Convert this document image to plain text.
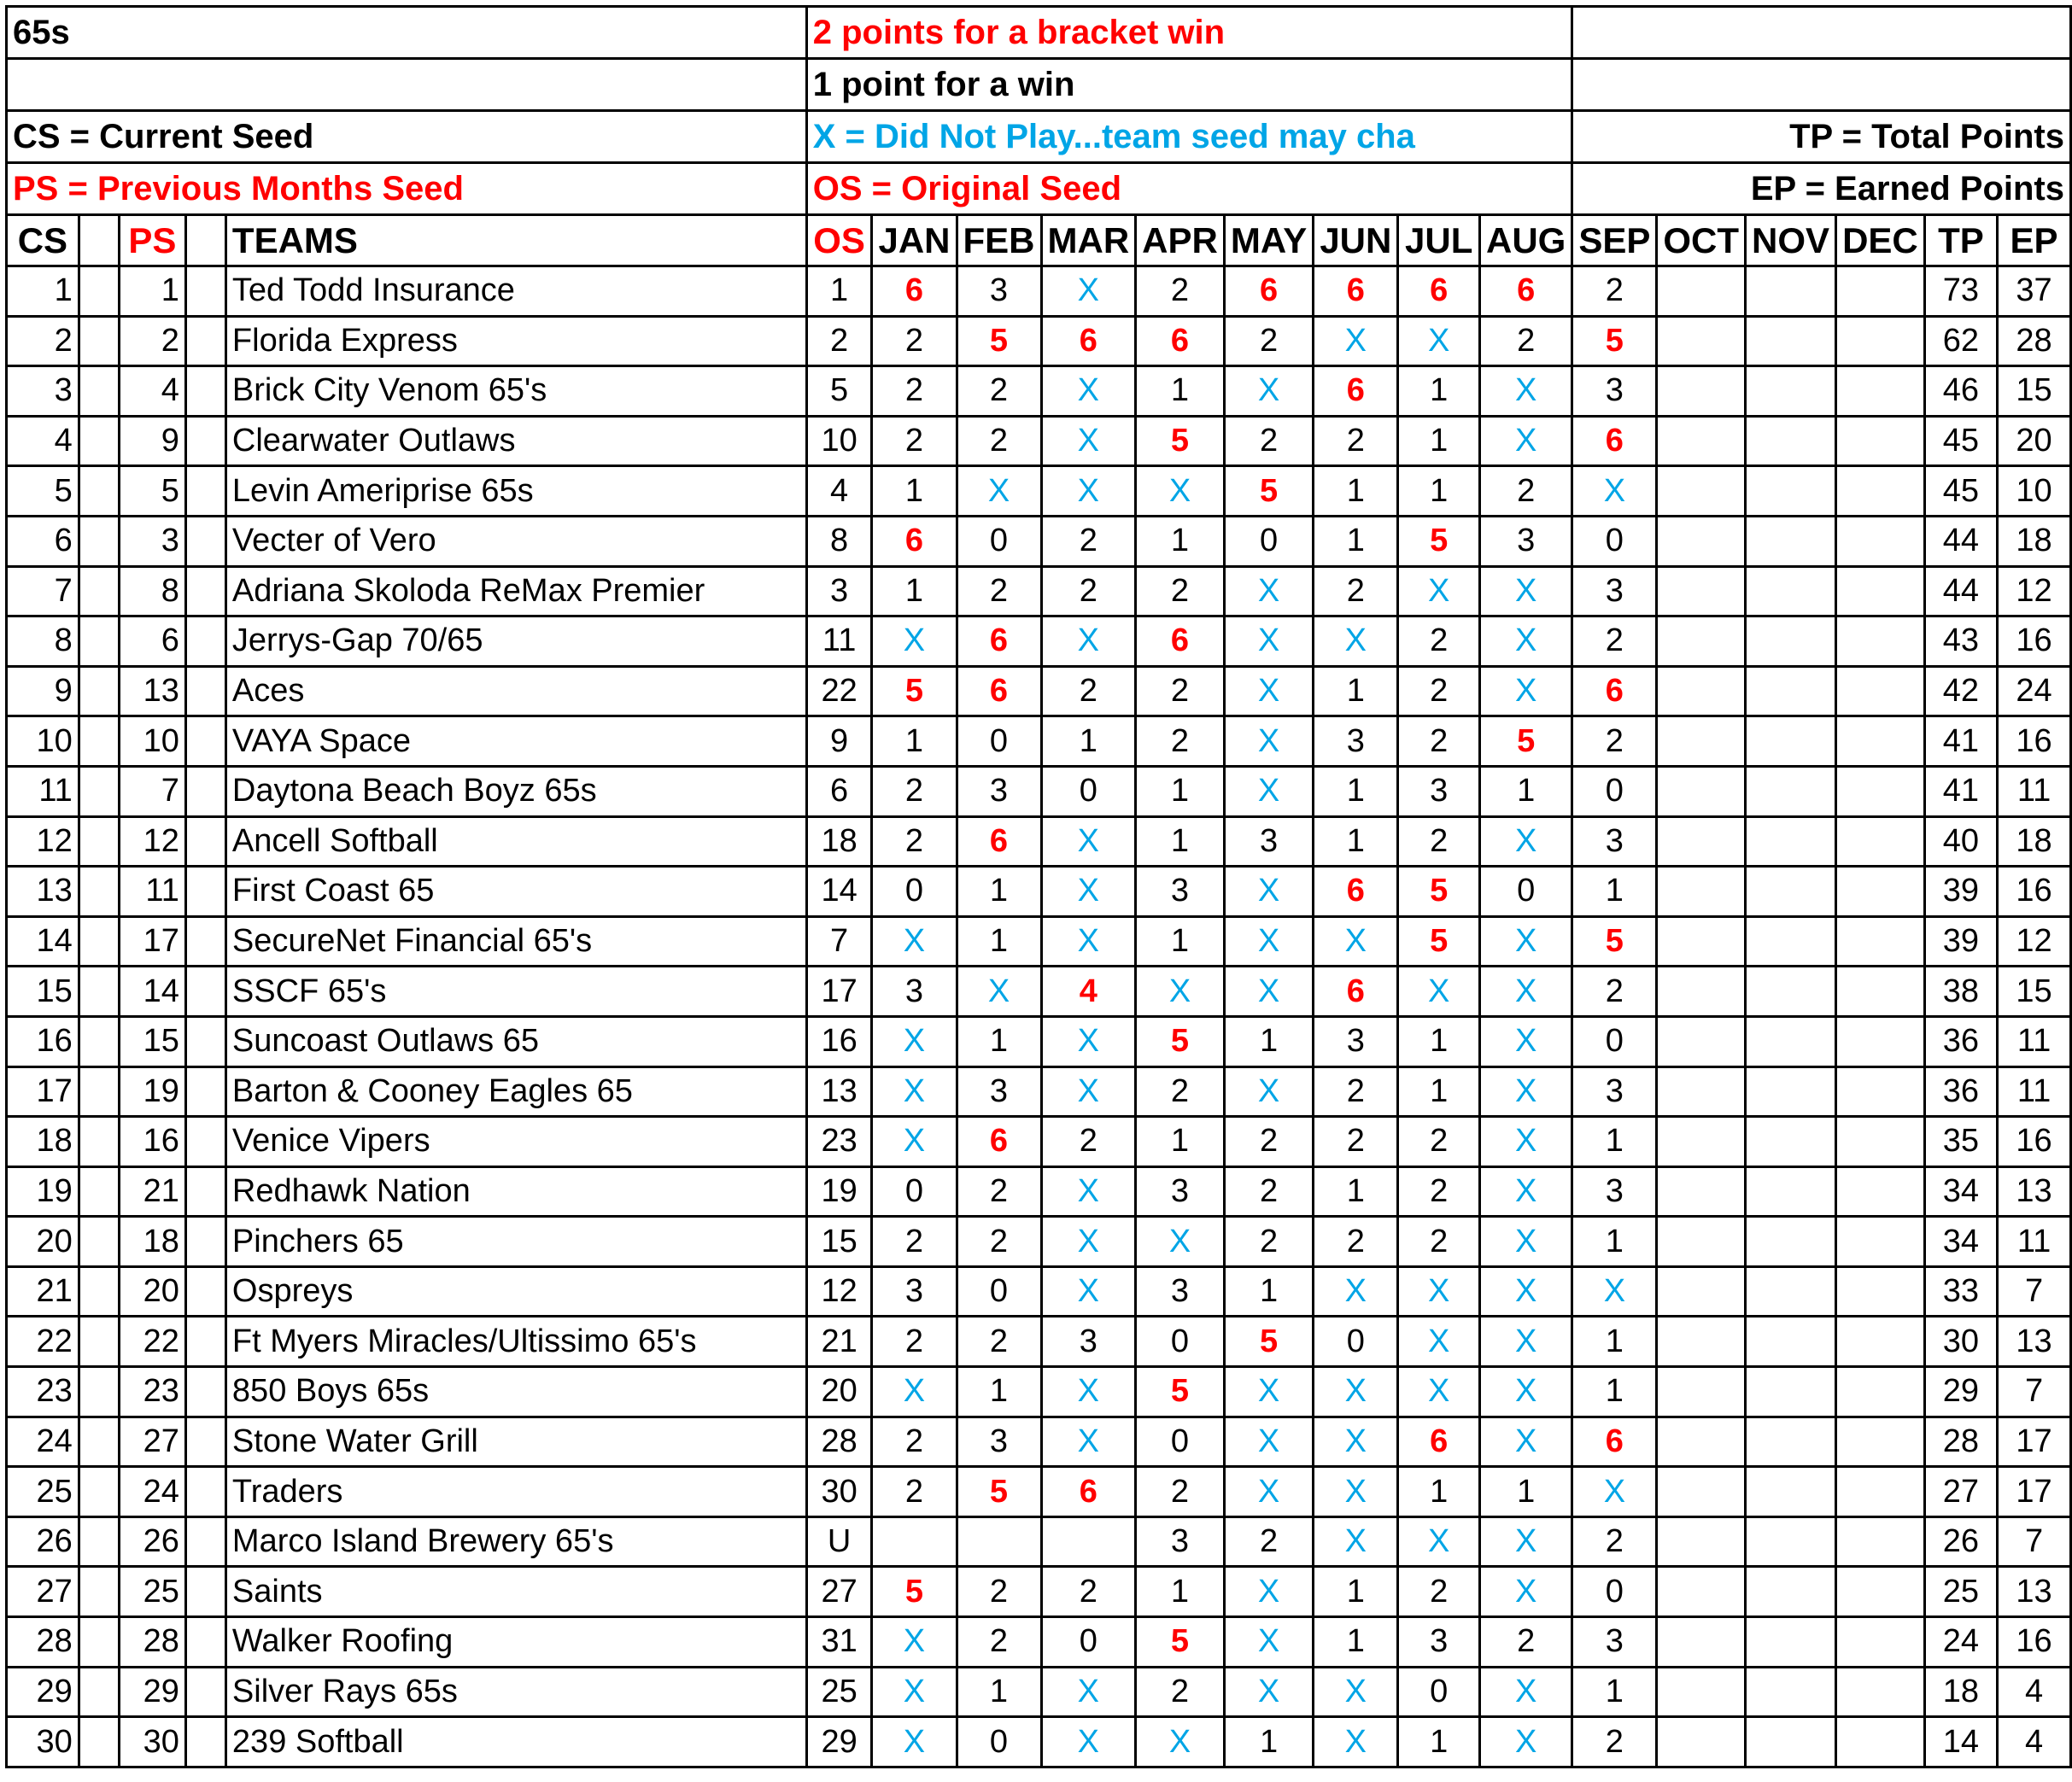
65s					2 points for a bracket win														
					1 point for a win														
CS = Current Seed					X = Did Not Play...team seed may cha									TP = Total Points					
PS = Previous Months Seed					OS = Original Seed									EP = Earned Points					
CS		PS		TEAMS	OS	JAN	FEB	MAR	APR	MAY	JUN	JUL	AUG	SEP	OCT	NOV	DEC	TP	EP
1		1		Ted Todd Insurance	1	6	3	X	2	6	6	6	6	2				73	37
2		2		Florida Express	2	2	5	6	6	2	X	X	2	5				62	28
3		4		Brick City Venom 65's	5	2	2	X	1	X	6	1	X	3				46	15
4		9		Clearwater Outlaws	10	2	2	X	5	2	2	1	X	6				45	20
5		5		Levin Ameriprise 65s	4	1	X	X	X	5	1	1	2	X				45	10
6		3		Vecter of Vero	8	6	0	2	1	0	1	5	3	0				44	18
7		8		Adriana Skoloda ReMax Premier	3	1	2	2	2	X	2	X	X	3				44	12
8		6		Jerrys-Gap 70/65	11	X	6	X	6	X	X	2	X	2				43	16
9		13		Aces	22	5	6	2	2	X	1	2	X	6				42	24
10		10		VAYA Space	9	1	0	1	2	X	3	2	5	2				41	16
11		7		Daytona Beach Boyz 65s	6	2	3	0	1	X	1	3	1	0				41	11
12		12		Ancell Softball	18	2	6	X	1	3	1	2	X	3				40	18
13		11		First Coast 65	14	0	1	X	3	X	6	5	0	1				39	16
14		17		SecureNet Financial 65's	7	X	1	X	1	X	X	5	X	5				39	12
15		14		SSCF 65's	17	3	X	4	X	X	6	X	X	2				38	15
16		15		Suncoast Outlaws 65	16	X	1	X	5	1	3	1	X	0				36	11
17		19		Barton & Cooney Eagles 65	13	X	3	X	2	X	2	1	X	3				36	11
18		16		Venice Vipers	23	X	6	2	1	2	2	2	X	1				35	16
19		21		Redhawk Nation	19	0	2	X	3	2	1	2	X	3				34	13
20		18		Pinchers 65	15	2	2	X	X	2	2	2	X	1				34	11
21		20		Ospreys	12	3	0	X	3	1	X	X	X	X				33	7
22		22		Ft Myers Miracles/Ultissimo 65's	21	2	2	3	0	5	0	X	X	1				30	13
23		23		850 Boys 65s	20	X	1	X	5	X	X	X	X	1				29	7
24		27		Stone Water Grill	28	2	3	X	0	X	X	6	X	6				28	17
25		24		Traders	30	2	5	6	2	X	X	1	1	X				27	17
26		26		Marco Island Brewery 65's	U				3	2	X	X	X	2				26	7
27		25		Saints	27	5	2	2	1	X	1	2	X	0				25	13
28		28		Walker Roofing	31	X	2	0	5	X	1	3	2	3				24	16
29		29		Silver Rays 65s	25	X	1	X	2	X	X	0	X	1				18	4
30		30		239 Softball	29	X	0	X	X	1	X	1	X	2				14	4
